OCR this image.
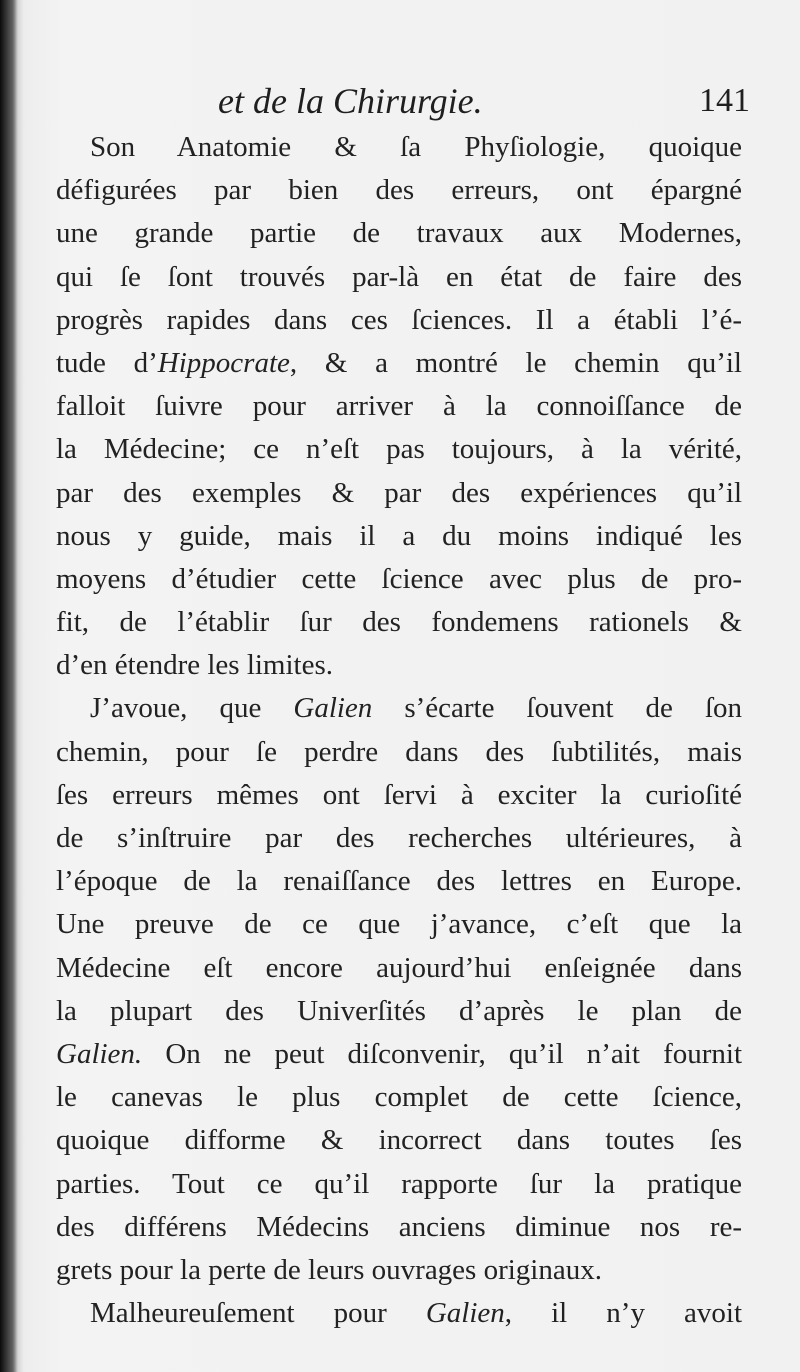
et de la Chirurgie.	141
Son Anatomie & ſa Phyſiologie, quoique
défigurées par bien des erreurs, ont épargné
une grande partie de travaux aux Modernes,
qui ſe ſont trouvés par-là en état de faire des
progrès rapides dans ces ſciences. Il a établi l’é-
tude d’Hippocrate, & a montré le chemin qu’il
falloit ſuivre pour arriver à la connoiſſance de
la Médecine; ce n’eſt pas toujours, à la vérité,
par des exemples & par des expériences qu’il
nous y guide, mais il a du moins indiqué les
moyens d’étudier cette ſcience avec plus de pro-
fit, de l’établir ſur des fondemens rationels &
d’en étendre les limites.
J’avoue, que Galien s’écarte ſouvent de ſon
chemin, pour ſe perdre dans des ſubtilités, mais
ſes erreurs mêmes ont ſervi à exciter la curioſité
de s’inſtruire par des recherches ultérieures, à
l’époque de la renaiſſance des lettres en Europe.
Une preuve de ce que j’avance, c’eſt que la
Médecine eſt encore aujourd’hui enſeignée dans
la plupart des Univerſités d’après le plan de
Galien. On ne peut diſconvenir, qu’il n’ait fournit
le canevas le plus complet de cette ſcience,
quoique difforme & incorrect dans toutes ſes
parties. Tout ce qu’il rapporte ſur la pratique
des différens Médecins anciens diminue nos re-
grets pour la perte de leurs ouvrages originaux.
Malheureuſement pour Galien, il n’y avoit
